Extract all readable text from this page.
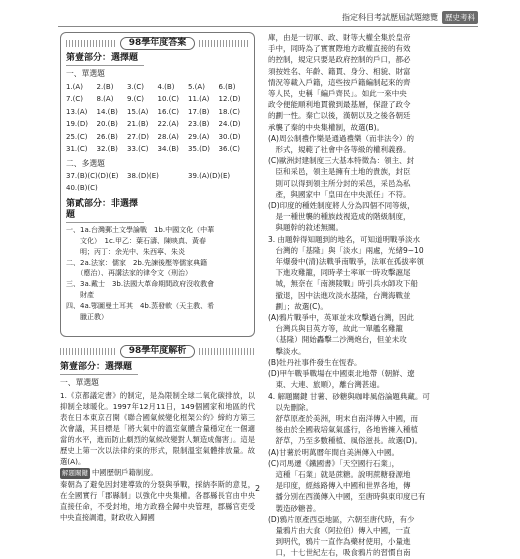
指定科目考試歷屆試題總覽 歷史考科
98學年度答案
第壹部分：選擇題
一、單選題
1.(A)	2.(B)	3.(C)	4.(B)	5.(A)	6.(B)
7.(C)	8.(A)	9.(C)	10.(C)	11.(A)	12.(D)
13.(A)	14.(B)	15.(A)	16.(C)	17.(B)	18.(C)
19.(D)	20.(B)	21.(B)	22.(A)	23.(B)	24.(D)
25.(C)	26.(B)	27.(D)	28.(A)	29.(A)	30.(D)
31.(C)	32.(B)	33.(C)	34.(B)	35.(D)	36.(C)
二、多選題
37.(B)(C)(D)(E)	38.(D)(E)	39.(A)(D)(E)
40.(B)(C)
第貳部分：非選擇題
一、1a.台灣郵土文學論戰　1b.中國文化（中華
　　文化）　1c.甲乙：葉石濤、陳映真、黃春
　　明；丙丁：余光中、朱西寧、朱炎
二、2a.法家：儒家　2b.先諫後壓等儒家典籍
　　（應治）、再講法家的律令文（刑治）
三、3a.戴士　3b.法國大革命期間政府沒收教會
　　財產
四、4a.鄂圖曼土耳其　4b.蒸發軟（天主教、希
　　臘正教）
98學年度解析
第壹部分：選擇題
一、單選題
1.《京都議定書》的制定，是為限制全球二氧化碳排放，以抑制全球暖化。1997年12月11日，149個國家和地區的代表在日本東京召開《聯合國氣候變化框架公約》締約方第三次會議，其目標是「將大氣中的溫室氣體含量穩定在一個適當的水平，進而防止劇烈的氣候改變對人類造成傷害」。這是歷史上第一次以法律約束的形式，限制溫室氣體排放量。故選(A)。
解題關鍵 中國歷朝戶籍制度。
秦朝為了避免因封建導致的分裂與爭戰，採納李斯的意見，在全國實行「郡縣制」以強化中央集權。各郡縣長官由中央直接任命，不受封地，地方政務全歸中央管理，郡縣官吏受中央直接調遣，財政收入歸國
庫，由是一切軍、政、財等大權全集於皇帝
手中，同時為了實實際地方政權直接的有效
的控制，規定只要是政府控制的戶口，都必
須按姓名、年齡、籍貫、身分、相貌、財富
情況等載入戶籍，這些按戶籍編制起來的齊
等人民，史稱「編戶齊民」。如此一來中央
政令便能順利地貫徹到最基層，保證了政令
的劃一性。秦亡以後，漢朝以及之後各朝廷
承襲了秦的中央集權制，故選(B)。
(A)周公制禮作樂是通過禮樂（而非法令）的
　形式，規範了社會中各等級的權利義務。
(C)歐洲封建制度三大基本特徵為：領主、封
　臣和采邑，領主是擁有土地的貴族，封臣
　則可以得到領主所分封的采邑，采邑為私
　產，與國家中「皇田在中央派任」不符。
(D)印度的種姓制度將人分為四個不同等級，
　是一種世襲的種族歧視造成的階級制度，
　與題幹的敘述無關。
3. 由題幹得知題到的地名，可知道明戰爭淡水
　台灣的「基隆」與「淡水」兩處，光緒9~10
　年爆發中(清)法戰爭南戰爭，法軍在孤拔率領
　下進攻雞籠，同時孝士率軍一時攻擊滬尾
　城，無奈在「南澳陵戰」時引兵水師攻下船
　撤退，因中法進攻淡水基隆，台灣海戰並
　劃」；故選(C)。
(A)鴉片戰爭中，英軍並未攻擊過台灣，因此
　台灣兵與目英方等，故此一單艦名雞籠
　（基隆）開始轟擊二沙灣炮台，但並未攻
　擊淡水。
(B)牡丹社事件發生在恆春。
(D)甲午戰爭戰場在中國東北地帶（朝鮮、遼
　東、大連、旅順），離台灣甚遠。
4. 解題關鍵 甘薯、砂糖與咖啡風俗論題典藏。可
　以先刪除。
　舒草原產於美洲，明末自南洋傳入中國，而
　後由於全國栽培氣氣盛行，各地皆擁入種植
　舒草，乃至多數種植、風俗滋長。故選(D)。
(A)甘薯於明萬曆年間自美洲傳入中國。
(C)司馬遷《鐵國書》「天空國行石業」，
　這種「石業」就是蔗糖。說明蔗糖發源地
　是印度，經絲路傳入中國和世界各地，傳
　播分別在西漢傳入中國，至唐時與東印度已有
　製造砂糖普。
(D)鴉片原產西亞地區，六朝至唐代時，有少
　量鴉片由大食（阿拉伯）傳入中國，一直
　到明代，鴉片一直作為藥材使用，小量進
　口，十七世紀左右，吸食鴉片的習慣自南
2
